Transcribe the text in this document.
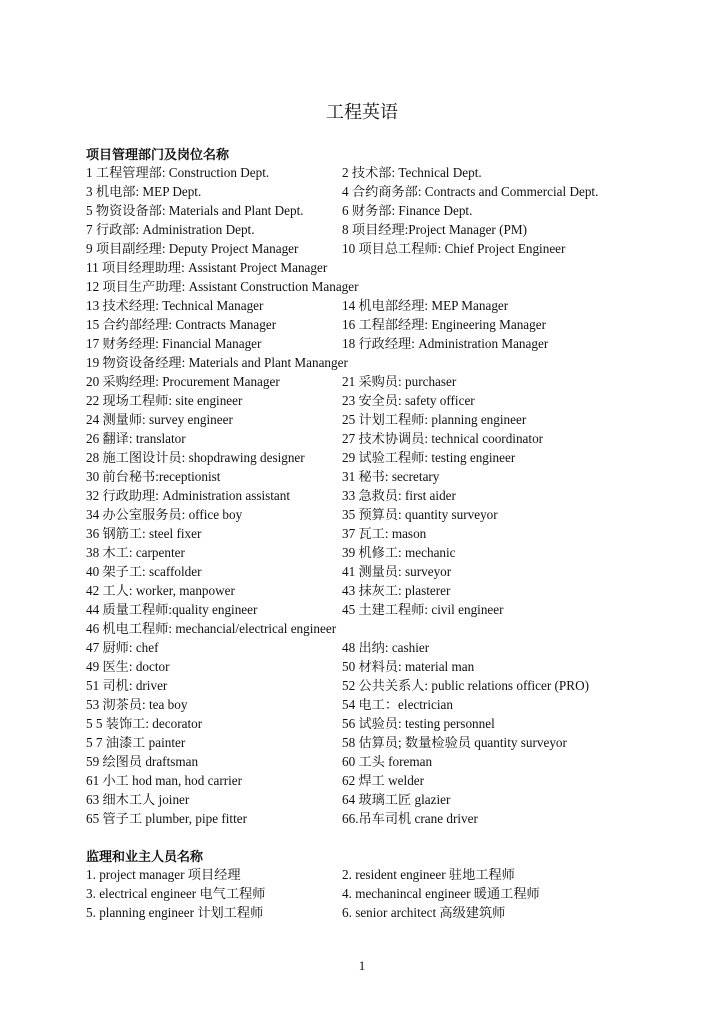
工程英语
项目管理部门及岗位名称
1 工程管理部: Construction Dept.	2 技术部: Technical Dept.
3 机电部: MEP Dept.	4 合约商务部: Contracts and Commercial Dept.
5 物资设备部: Materials and Plant Dept.	6 财务部: Finance Dept.
7 行政部: Administration Dept.	8 项目经理:Project Manager (PM)
9 项目副经理: Deputy Project Manager	10 项目总工程师: Chief Project Engineer
11 项目经理助理: Assistant Project Manager
12 项目生产助理: Assistant Construction Manager
13 技术经理: Technical Manager	14 机电部经理: MEP Manager
15 合约部经理: Contracts Manager	16 工程部经理: Engineering Manager
17 财务经理: Financial Manager	18 行政经理: Administration Manager
19 物资设备经理: Materials and Plant Mananger
20 采购经理: Procurement Manager	21 采购员: purchaser
22 现场工程师: site engineer	23 安全员: safety officer
24 测量师: survey engineer	25 计划工程师: planning engineer
26 翻译: translator	27 技术协调员: technical coordinator
28 施工图设计员: shopdrawing designer	29 试验工程师: testing engineer
30 前台秘书:receptionist	31 秘书: secretary
32 行政助理: Administration assistant	33 急救员: first aider
34 办公室服务员: office boy	35 预算员: quantity surveyor
36 钢筋工: steel fixer	37 瓦工: mason
38 木工: carpenter	39 机修工: mechanic
40 架子工: scaffolder	41 测量员: surveyor
42 工人: worker, manpower	43 抹灰工: plasterer
44 质量工程师:quality engineer	45 土建工程师: civil engineer
46 机电工程师: mechancial/electrical engineer
47 厨师: chef	48 出纳: cashier
49 医生: doctor	50 材料员: material man
51 司机: driver	52 公共关系人: public relations officer (PRO)
53 沏茶员: tea boy	54 电工：electrician
5 5 装饰工: decorator	56 试验员: testing personnel
5 7 油漆工 painter	58 估算员; 数量检验员 quantity surveyor
59 绘图员 draftsman	60 工头 foreman
61 小工 hod man, hod carrier	62 焊工 welder
63 细木工人 joiner	64 玻璃工匠 glazier
65 管子工 plumber, pipe fitter	66.吊车司机 crane driver
监理和业主人员名称
1. project manager 项目经理	2. resident engineer 驻地工程师
3. electrical engineer 电气工程师	4. mechanincal engineer 暖通工程师
5. planning engineer 计划工程师	6. senior architect 高级建筑师
1
